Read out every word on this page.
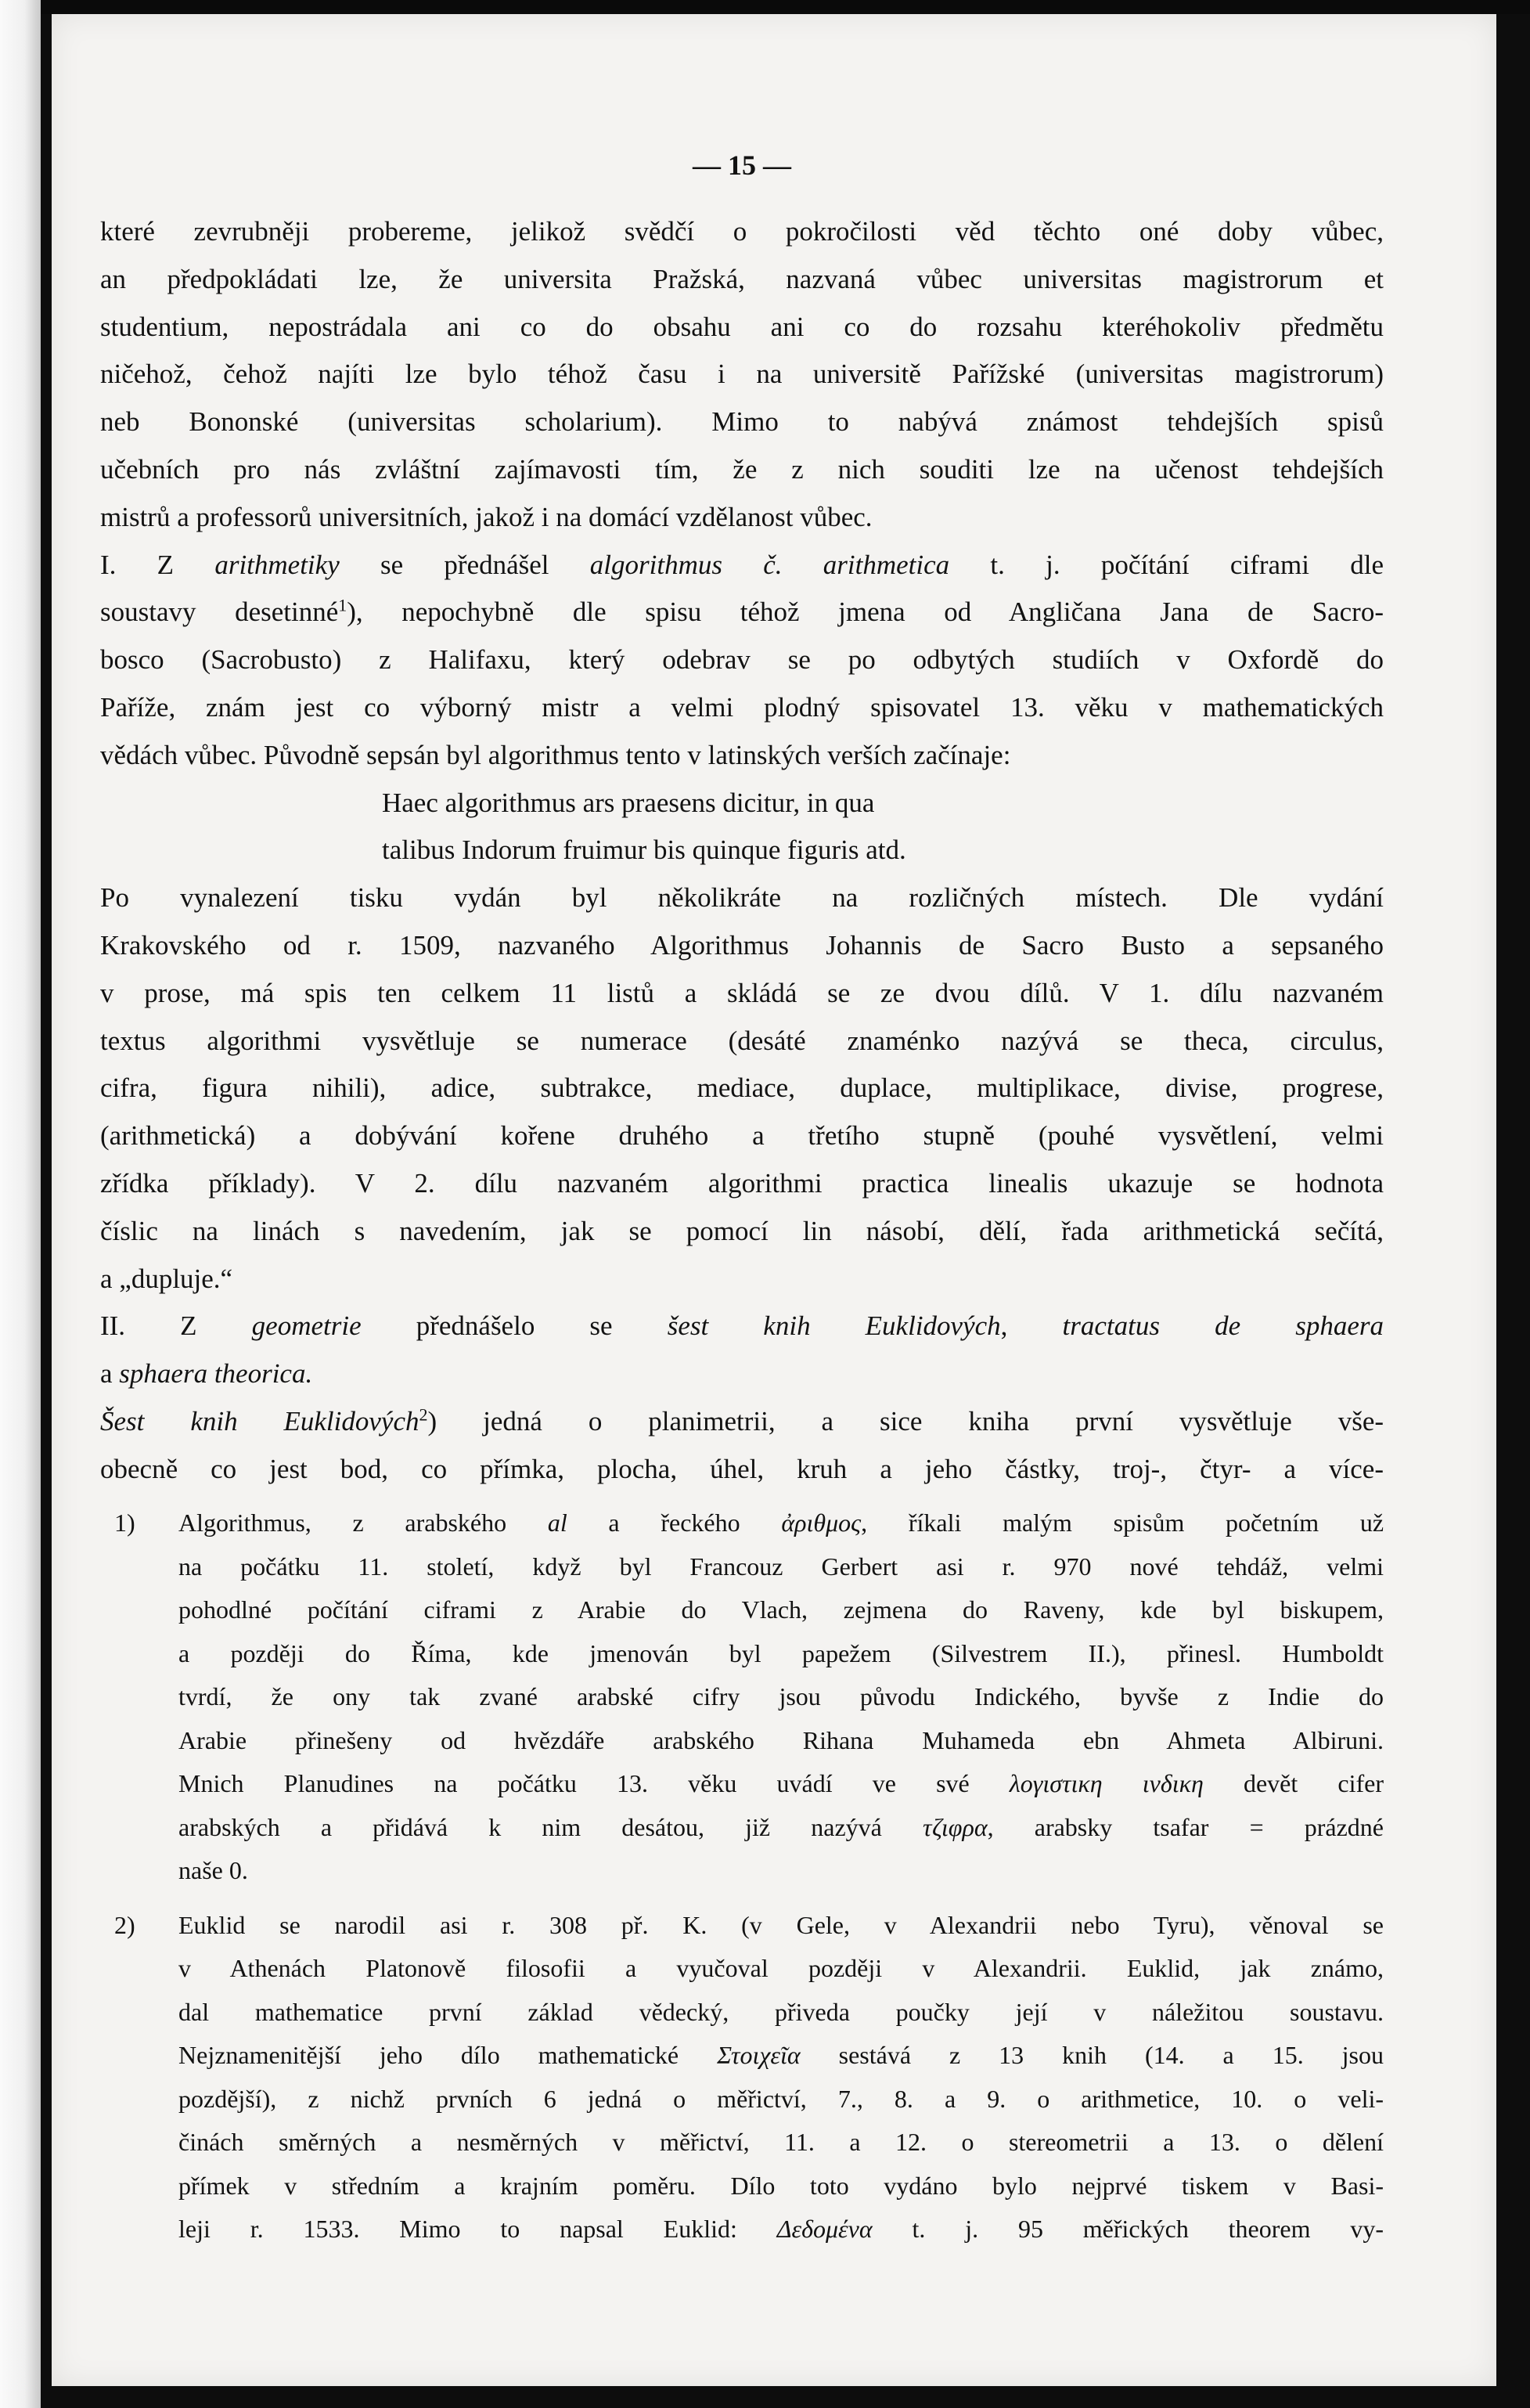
— 15 —
které zevrubněji probereme, jelikož svědčí o pokročilosti věd těchto oné doby vůbec,
an předpokládati lze, že universita Pražská, nazvaná vůbec universitas magistrorum et
studentium, nepostrádala ani co do obsahu ani co do rozsahu kteréhokoliv předmětu
ničehož, čehož najíti lze bylo téhož času i na universitě Pařížské (universitas magistrorum)
neb Bononské (universitas scholarium). Mimo to nabývá známost tehdejších spisů
učebních pro nás zvláštní zajímavosti tím, že z nich souditi lze na učenost tehdejších
mistrů a professorů universitních, jakož i na domácí vzdělanost vůbec.
I. Z arithmetiky se přednášel algorithmus č. arithmetica t. j. počítání ciframi dle
soustavy desetinné$^1$), nepochybně dle spisu téhož jmena od Angličana Jana de Sacro-
bosco (Sacrobusto) z Halifaxu, který odebrav se po odbytých studiích v Oxfordě do
Paříže, znám jest co výborný mistr a velmi plodný spisovatel 13. věku v mathematických
vědách vůbec. Původně sepsán byl algorithmus tento v latinských verších začínaje:
Haec algorithmus ars praesens dicitur, in qua
talibus Indorum fruimur bis quinque figuris atd.
Po vynalezení tisku vydán byl několikráte na rozličných místech. Dle vydání
Krakovského od r. 1509, nazvaného Algorithmus Johannis de Sacro Busto a sepsaného
v prose, má spis ten celkem 11 listů a skládá se ze dvou dílů. V 1. dílu nazvaném
textus algorithmi vysvětluje se numerace (desáté znaménko nazývá se theca, circulus,
cifra, figura nihili), adice, subtrakce, mediace, duplace, multiplikace, divise, progrese,
(arithmetická) a dobývání kořene druhého a třetího stupně (pouhé vysvětlení, velmi
zřídka příklady). V 2. dílu nazvaném algorithmi practica linealis ukazuje se hodnota
číslic na linách s navedením, jak se pomocí lin násobí, dělí, řada arithmetická sečítá,
a „dupluje.“
II. Z geometrie přednášelo se šest knih Euklidových, tractatus de sphaera
a sphaera theorica.
Šest knih Euklidových$^2$) jedná o planimetrii, a sice kniha první vysvětluje vše-
obecně co jest bod, co přímka, plocha, úhel, kruh a jeho částky, troj-, čtyr- a více-
1) Algorithmus, z arabského al a řeckého ἀριθμος, říkali malým spisům početním už
na počátku 11. století, když byl Francouz Gerbert asi r. 970 nové tehdáž, velmi
pohodlné počítání ciframi z Arabie do Vlach, zejmena do Raveny, kde byl biskupem,
a později do Říma, kde jmenován byl papežem (Silvestrem II.), přinesl. Humboldt
tvrdí, že ony tak zvané arabské cifry jsou původu Indického, byvše z Indie do
Arabie přinešeny od hvězdáře arabského Rihana Muhameda ebn Ahmeta Albiruni.
Mnich Planudines na počátku 13. věku uvádí ve své λογιστικη ινδικη devět cifer
arabských a přidává k nim desátou, již nazývá τζιφρα, arabsky tsafar = prázdné
naše 0.
2) Euklid se narodil asi r. 308 př. K. (v Gele, v Alexandrii nebo Tyru), věnoval se
v Athenách Platonově filosofii a vyučoval později v Alexandrii. Euklid, jak známo,
dal mathematice první základ vědecký, přiveda poučky její v náležitou soustavu.
Nejznamenitější jeho dílo mathematické Στοιχεῖα sestává z 13 knih (14. a 15. jsou
pozdější), z nichž prvních 6 jedná o měřictví, 7., 8. a 9. o arithmetice, 10. o veli-
činách směrných a nesměrných v měřictví, 11. a 12. o stereometrii a 13. o dělení
přímek v středním a krajním poměru. Dílo toto vydáno bylo nejprvé tiskem v Basi-
leji r. 1533. Mimo to napsal Euklid: Δεδομένα t. j. 95 měřických theorem vy-
